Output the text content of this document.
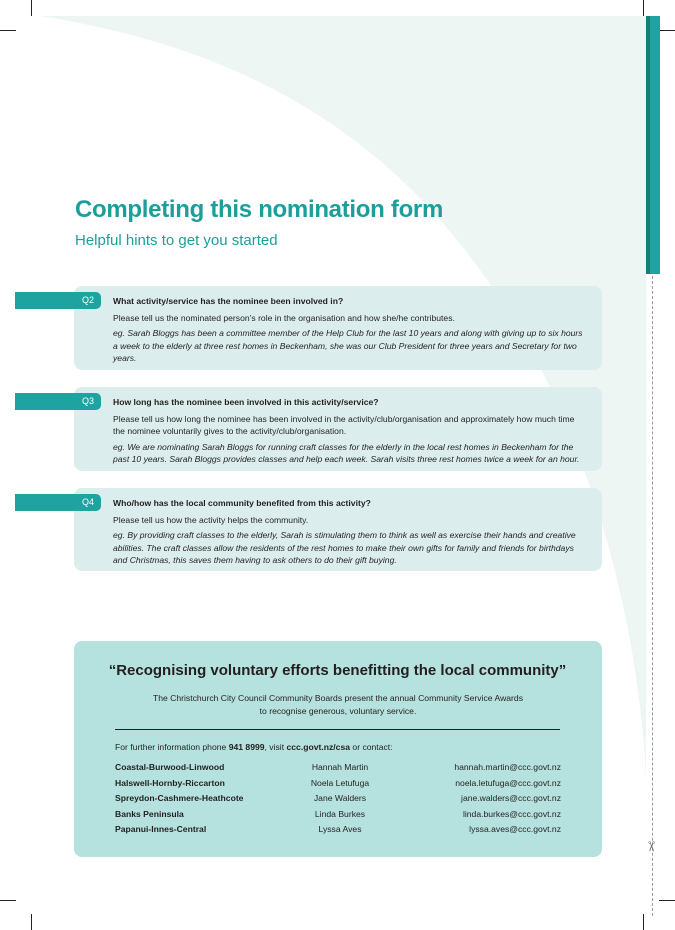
✂
Completing this nomination form

Helpful hints to get you started

Q2	What activity/service has the nominee been involved in?

Please tell us the nominated person’s role in the organisation and how she/he contributes.

eg. Sarah Bloggs has been a committee member of the Help Club for the last 10 years and along with giving up to six hours a week to the elderly at three rest homes in Beckenham, she was our Club President for three years and Secretary for two years.

Q3	How long has the nominee been involved in this activity/service?

Please tell us how long the nominee has been involved in the activity/club/organisation and approximately how much time the nominee voluntarily gives to the activity/club/organisation.

eg. We are nominating Sarah Bloggs for running craft classes for the elderly in the local rest homes in Beckenham for the past 10 years. Sarah Bloggs provides classes and help each week. Sarah visits three rest homes twice a week for an hour.

Q4	Who/how has the local community benefited from this activity?

Please tell us how the activity helps the community.

eg. By providing craft classes to the elderly, Sarah is stimulating them to think as well as exercise their hands and creative abilities. The craft classes allow the residents of the rest homes to make their own gifts for family and friends for birthdays and Christmas, this saves them having to ask others to do their gift buying.

“Recognising voluntary efforts benefitting the local community”

The Christchurch City Council Community Boards present the annual Community Service Awards
to recognise generous, voluntary service.

For further information phone 941 8999, visit ccc.govt.nz/csa or contact:

Coastal-Burwood-Linwood	Hannah Martin	hannah.martin@ccc.govt.nz
Halswell-Hornby-Riccarton	Noela Letufuga	noela.letufuga@ccc.govt.nz
Spreydon-Cashmere-Heathcote	Jane Walders	jane.walders@ccc.govt.nz
Banks Peninsula	Linda Burkes	linda.burkes@ccc.govt.nz
Papanui-Innes-Central	Lyssa Aves	lyssa.aves@ccc.govt.nz
